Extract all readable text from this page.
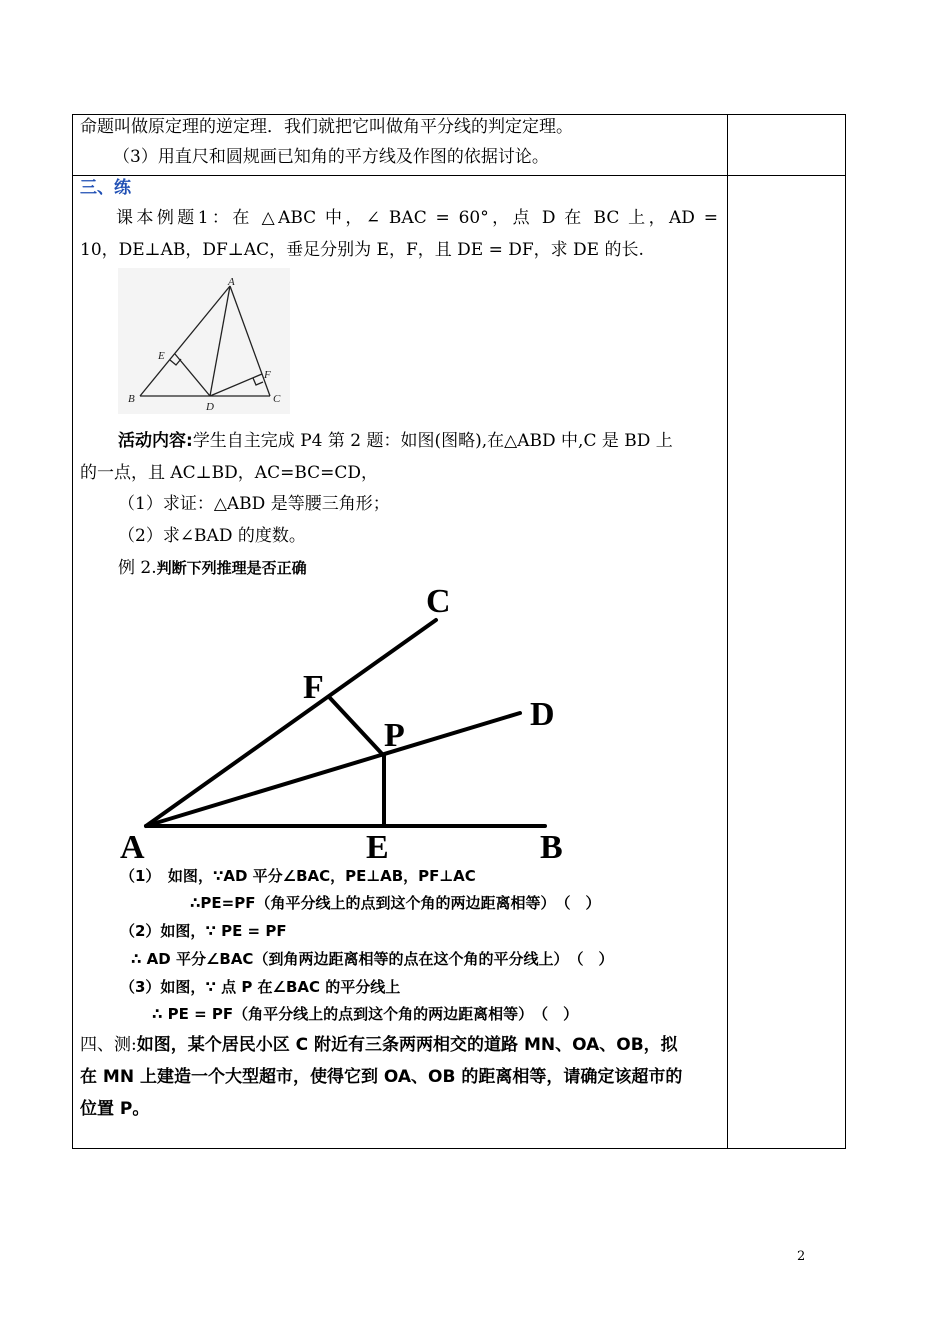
命题叫做原定理的逆定理．我们就把它叫做角平分线的判定定理。
（3）用直尺和圆规画已知角的平方线及作图的依据讨论。
三、练
课本例题1：在 △ABC 中，∠ BAC = 60°，点 D 在 BC 上，AD =
10，DE⊥AB，DF⊥AC，垂足分别为 E，F，且 DE = DF，求 DE 的长.
A
B	C
D
E
F
活动内容:学生自主完成 P4 第 2 题：如图(图略),在△ABD 中,C 是 BD 上
的一点，且 AC⊥BD，AC=BC=CD，
（1）求证：△ABD 是等腰三角形；
（2）求∠BAD 的度数。
例 2.判断下列推理是否正确
A	B
C
D
E
F
P
（1）　如图，∵AD 平分∠BAC，PE⊥AB，PF⊥AC
∴PE=PF（角平分线上的点到这个角的两边距离相等）　（　）
（2）如图，∵ PE = PF
∴ AD 平分∠BAC（到角两边距离相等的点在这个角的平分线上）　（　）
（3）如图，∵ 点 P 在∠BAC 的平分线上
∴ PE = PF（角平分线上的点到这个角的两边距离相等）　（　）
四、测:如图，某个居民小区 C 附近有三条两两相交的道路 MN、OA、OB，拟
在 MN 上建造一个大型超市，使得它到 OA、OB 的距离相等，请确定该超市的
位置 P。
2
